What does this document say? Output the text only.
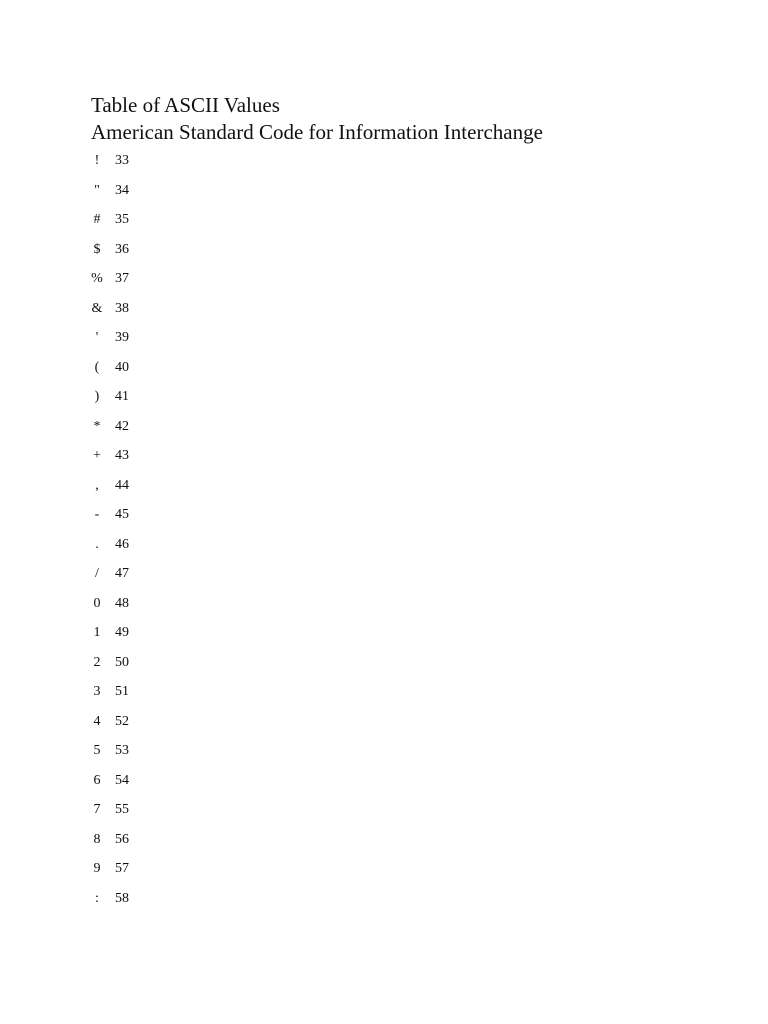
Table of ASCII Values
American Standard Code for Information Interchange
!	33
"	34
#	35
$	36
% 37
& 38
'	39
(	40
)	41
*	42
+ 43
,	44
-	45
.	46
/	47
0	48
1	49
2	50
3	51
4	52
5	53
6	54
7	55
8	56
9	57
:	58
